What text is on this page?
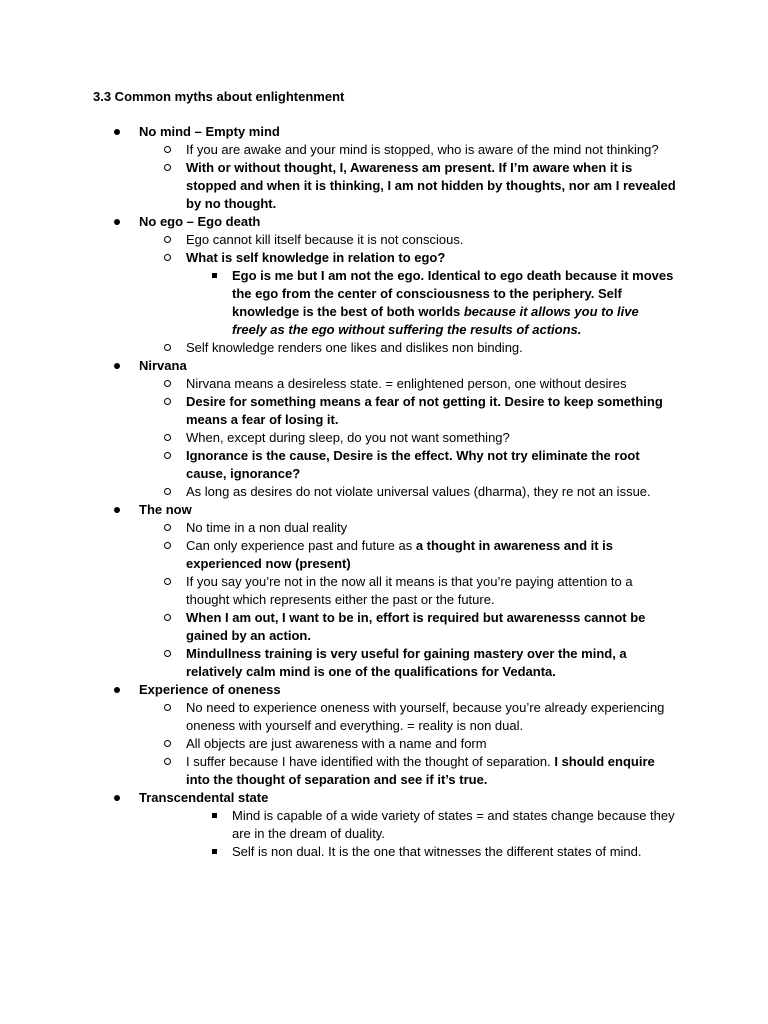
3.3 Common myths about enlightenment
No mind – Empty mind
If you are awake and your mind is stopped, who is aware of the mind not thinking?
With or without thought, I, Awareness am present. If I’m aware when it is stopped and when it is thinking, I am not hidden by thoughts, nor am I revealed by no thought.
No ego – Ego death
Ego cannot kill itself because it is not conscious.
What is self knowledge in relation to ego?
Ego is me but I am not the ego. Identical to ego death because it moves the ego from the center of consciousness to the periphery. Self knowledge is the best of both worlds because it allows you to live freely as the ego without suffering the results of actions.
Self knowledge renders one likes and dislikes non binding.
Nirvana
Nirvana means a desireless state. = enlightened person, one without desires
Desire for something means a fear of not getting it. Desire to keep something means a fear of losing it.
When, except during sleep, do you not want something?
Ignorance is the cause, Desire is the effect. Why not try eliminate the root cause, ignorance?
As long as desires do not violate universal values (dharma), they re not an issue.
The now
No time in a non dual reality
Can only experience past and future as a thought in awareness and it is experienced now (present)
If you say you’re not in the now all it means is that you’re paying attention to a thought which represents either the past or the future.
When I am out, I want to be in, effort is required but awarenesss cannot be gained by an action.
Mindullness training is very useful for gaining mastery over the mind, a relatively calm mind is one of the qualifications for Vedanta.
Experience of oneness
No need to experience oneness with yourself, because you’re already experiencing oneness with yourself and everything. = reality is non dual.
All objects are just awareness with a name and form
I suffer because I have identified with the thought of separation. I should enquire into the thought of separation and see if it’s true.
Transcendental state
Mind is capable of a wide variety of states = and states change because they are in the dream of duality.
Self is non dual. It is the one that witnesses the different states of mind.
